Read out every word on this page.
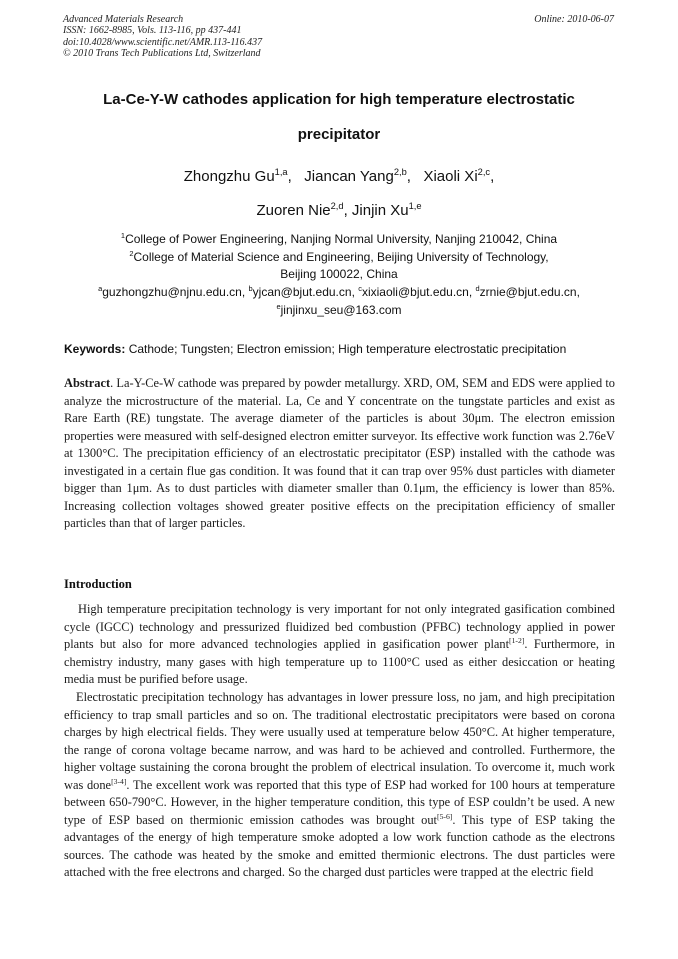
Advanced Materials Research
ISSN: 1662-8985, Vols. 113-116, pp 437-441
doi:10.4028/www.scientific.net/AMR.113-116.437
© 2010 Trans Tech Publications Ltd, Switzerland
Online: 2010-06-07
La-Ce-Y-W cathodes application for high temperature electrostatic
precipitator
Zhongzhu Gu$^{1,a}$,   Jiancan Yang$^{2,b}$,   Xiaoli Xi$^{2,c}$,
Zuoren Nie$^{2,d}$, Jinjin Xu$^{1,e}$
$^1$College of Power Engineering, Nanjing Normal University, Nanjing 210042, China
$^2$College of Material Science and Engineering, Beijing University of Technology,
Beijing 100022, China
$^a$guzhongzhu@njnu.edu.cn, $^b$yjcan@bjut.edu.cn, $^c$xixiaoli@bjut.edu.cn, $^d$zrnie@bjut.edu.cn,
$^e$jinjinxu_seu@163.com
Keywords: Cathode; Tungsten; Electron emission; High temperature electrostatic precipitation
Abstract. La-Y-Ce-W cathode was prepared by powder metallurgy. XRD, OM, SEM and EDS were applied to analyze the microstructure of the material. La, Ce and Y concentrate on the tungstate particles and exist as Rare Earth (RE) tungstate. The average diameter of the particles is about 30μm. The electron emission properties were measured with self-designed electron emitter surveyor. Its effective work function was 2.76eV at 1300°C. The precipitation efficiency of an electrostatic precipitator (ESP) installed with the cathode was investigated in a certain flue gas condition. It was found that it can trap over 95% dust particles with diameter bigger than 1μm. As to dust particles with diameter smaller than 0.1μm, the efficiency is lower than 85%. Increasing collection voltages showed greater positive effects on the precipitation efficiency of smaller particles than that of larger particles.
Introduction
High temperature precipitation technology is very important for not only integrated gasification combined cycle (IGCC) technology and pressurized fluidized bed combustion (PFBC) technology applied in power plants but also for more advanced technologies applied in gasification power plant[1-2]. Furthermore, in chemistry industry, many gases with high temperature up to 1100°C used as either desiccation or heating media must be purified before usage.
Electrostatic precipitation technology has advantages in lower pressure loss, no jam, and high precipitation efficiency to trap small particles and so on. The traditional electrostatic precipitators were based on corona charges by high electrical fields. They were usually used at temperature below 450°C. At higher temperature, the range of corona voltage became narrow, and was hard to be achieved and controlled. Furthermore, the higher voltage sustaining the corona brought the problem of electrical insulation. To overcome it, much work was done[3-4]. The excellent work was reported that this type of ESP had worked for 100 hours at temperature between 650-790°C. However, in the higher temperature condition, this type of ESP couldn’t be used. A new type of ESP based on thermionic emission cathodes was brought out[5-6]. This type of ESP taking the advantages of the energy of high temperature smoke adopted a low work function cathode as the electrons sources. The cathode was heated by the smoke and emitted thermionic electrons. The dust particles were attached with the free electrons and charged. So the charged dust particles were trapped at the electric field
